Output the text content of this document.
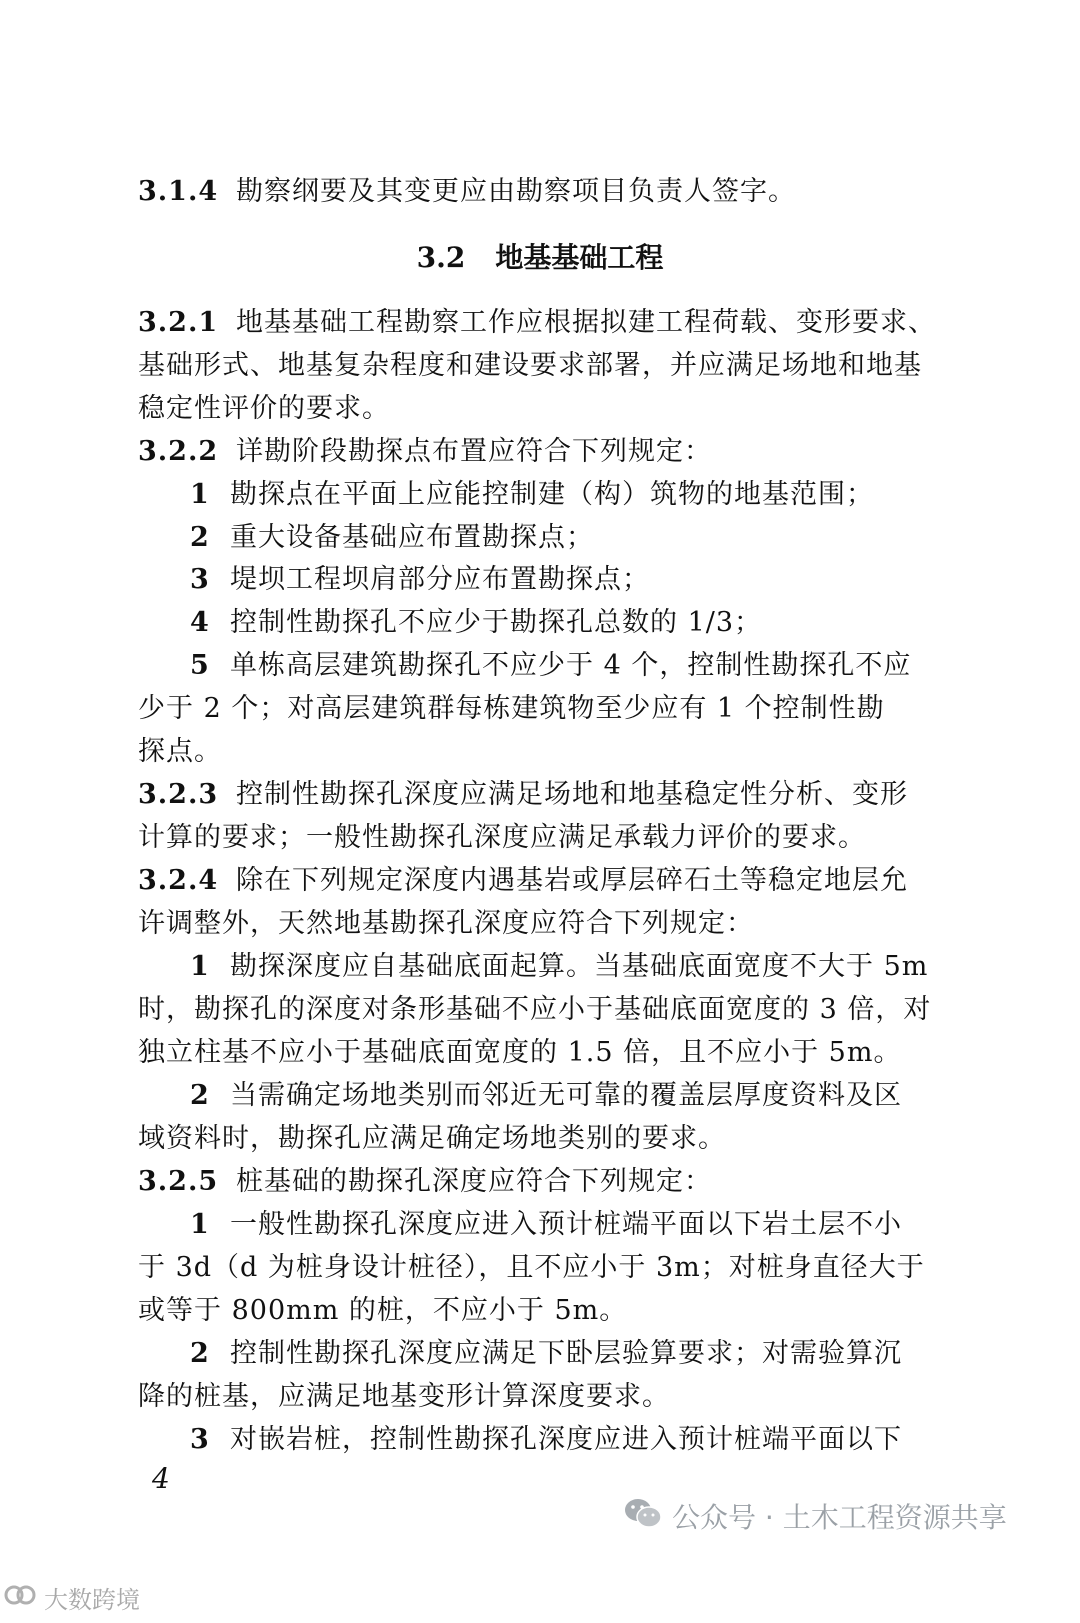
3.1.4 勘察纲要及其变更应由勘察项目负责人签字。
3.2 地基基础工程
3.2.1 地基基础工程勘察工作应根据拟建工程荷载、变形要求、
基础形式、地基复杂程度和建设要求部署，并应满足场地和地基
稳定性评价的要求。
3.2.2 详勘阶段勘探点布置应符合下列规定：
1 勘探点在平面上应能控制建（构）筑物的地基范围；
2 重大设备基础应布置勘探点；
3 堤坝工程坝肩部分应布置勘探点；
4 控制性勘探孔不应少于勘探孔总数的 1/3；
5 单栋高层建筑勘探孔不应少于 4 个，控制性勘探孔不应
少于 2 个；对高层建筑群每栋建筑物至少应有 1 个控制性勘
探点。
3.2.3 控制性勘探孔深度应满足场地和地基稳定性分析、变形
计算的要求；一般性勘探孔深度应满足承载力评价的要求。
3.2.4 除在下列规定深度内遇基岩或厚层碎石土等稳定地层允
许调整外，天然地基勘探孔深度应符合下列规定：
1 勘探深度应自基础底面起算。当基础底面宽度不大于 5m
时，勘探孔的深度对条形基础不应小于基础底面宽度的 3 倍，对
独立柱基不应小于基础底面宽度的 1.5 倍，且不应小于 5m。
2 当需确定场地类别而邻近无可靠的覆盖层厚度资料及区
域资料时，勘探孔应满足确定场地类别的要求。
3.2.5 桩基础的勘探孔深度应符合下列规定：
1 一般性勘探孔深度应进入预计桩端平面以下岩土层不小
于 3d（d 为桩身设计桩径），且不应小于 3m；对桩身直径大于
或等于 800mm 的桩，不应小于 5m。
2 控制性勘探孔深度应满足下卧层验算要求；对需验算沉
降的桩基，应满足地基变形计算深度要求。
3 对嵌岩桩，控制性勘探孔深度应进入预计桩端平面以下
4
公众号 · 土木工程资源共享
大数跨境
